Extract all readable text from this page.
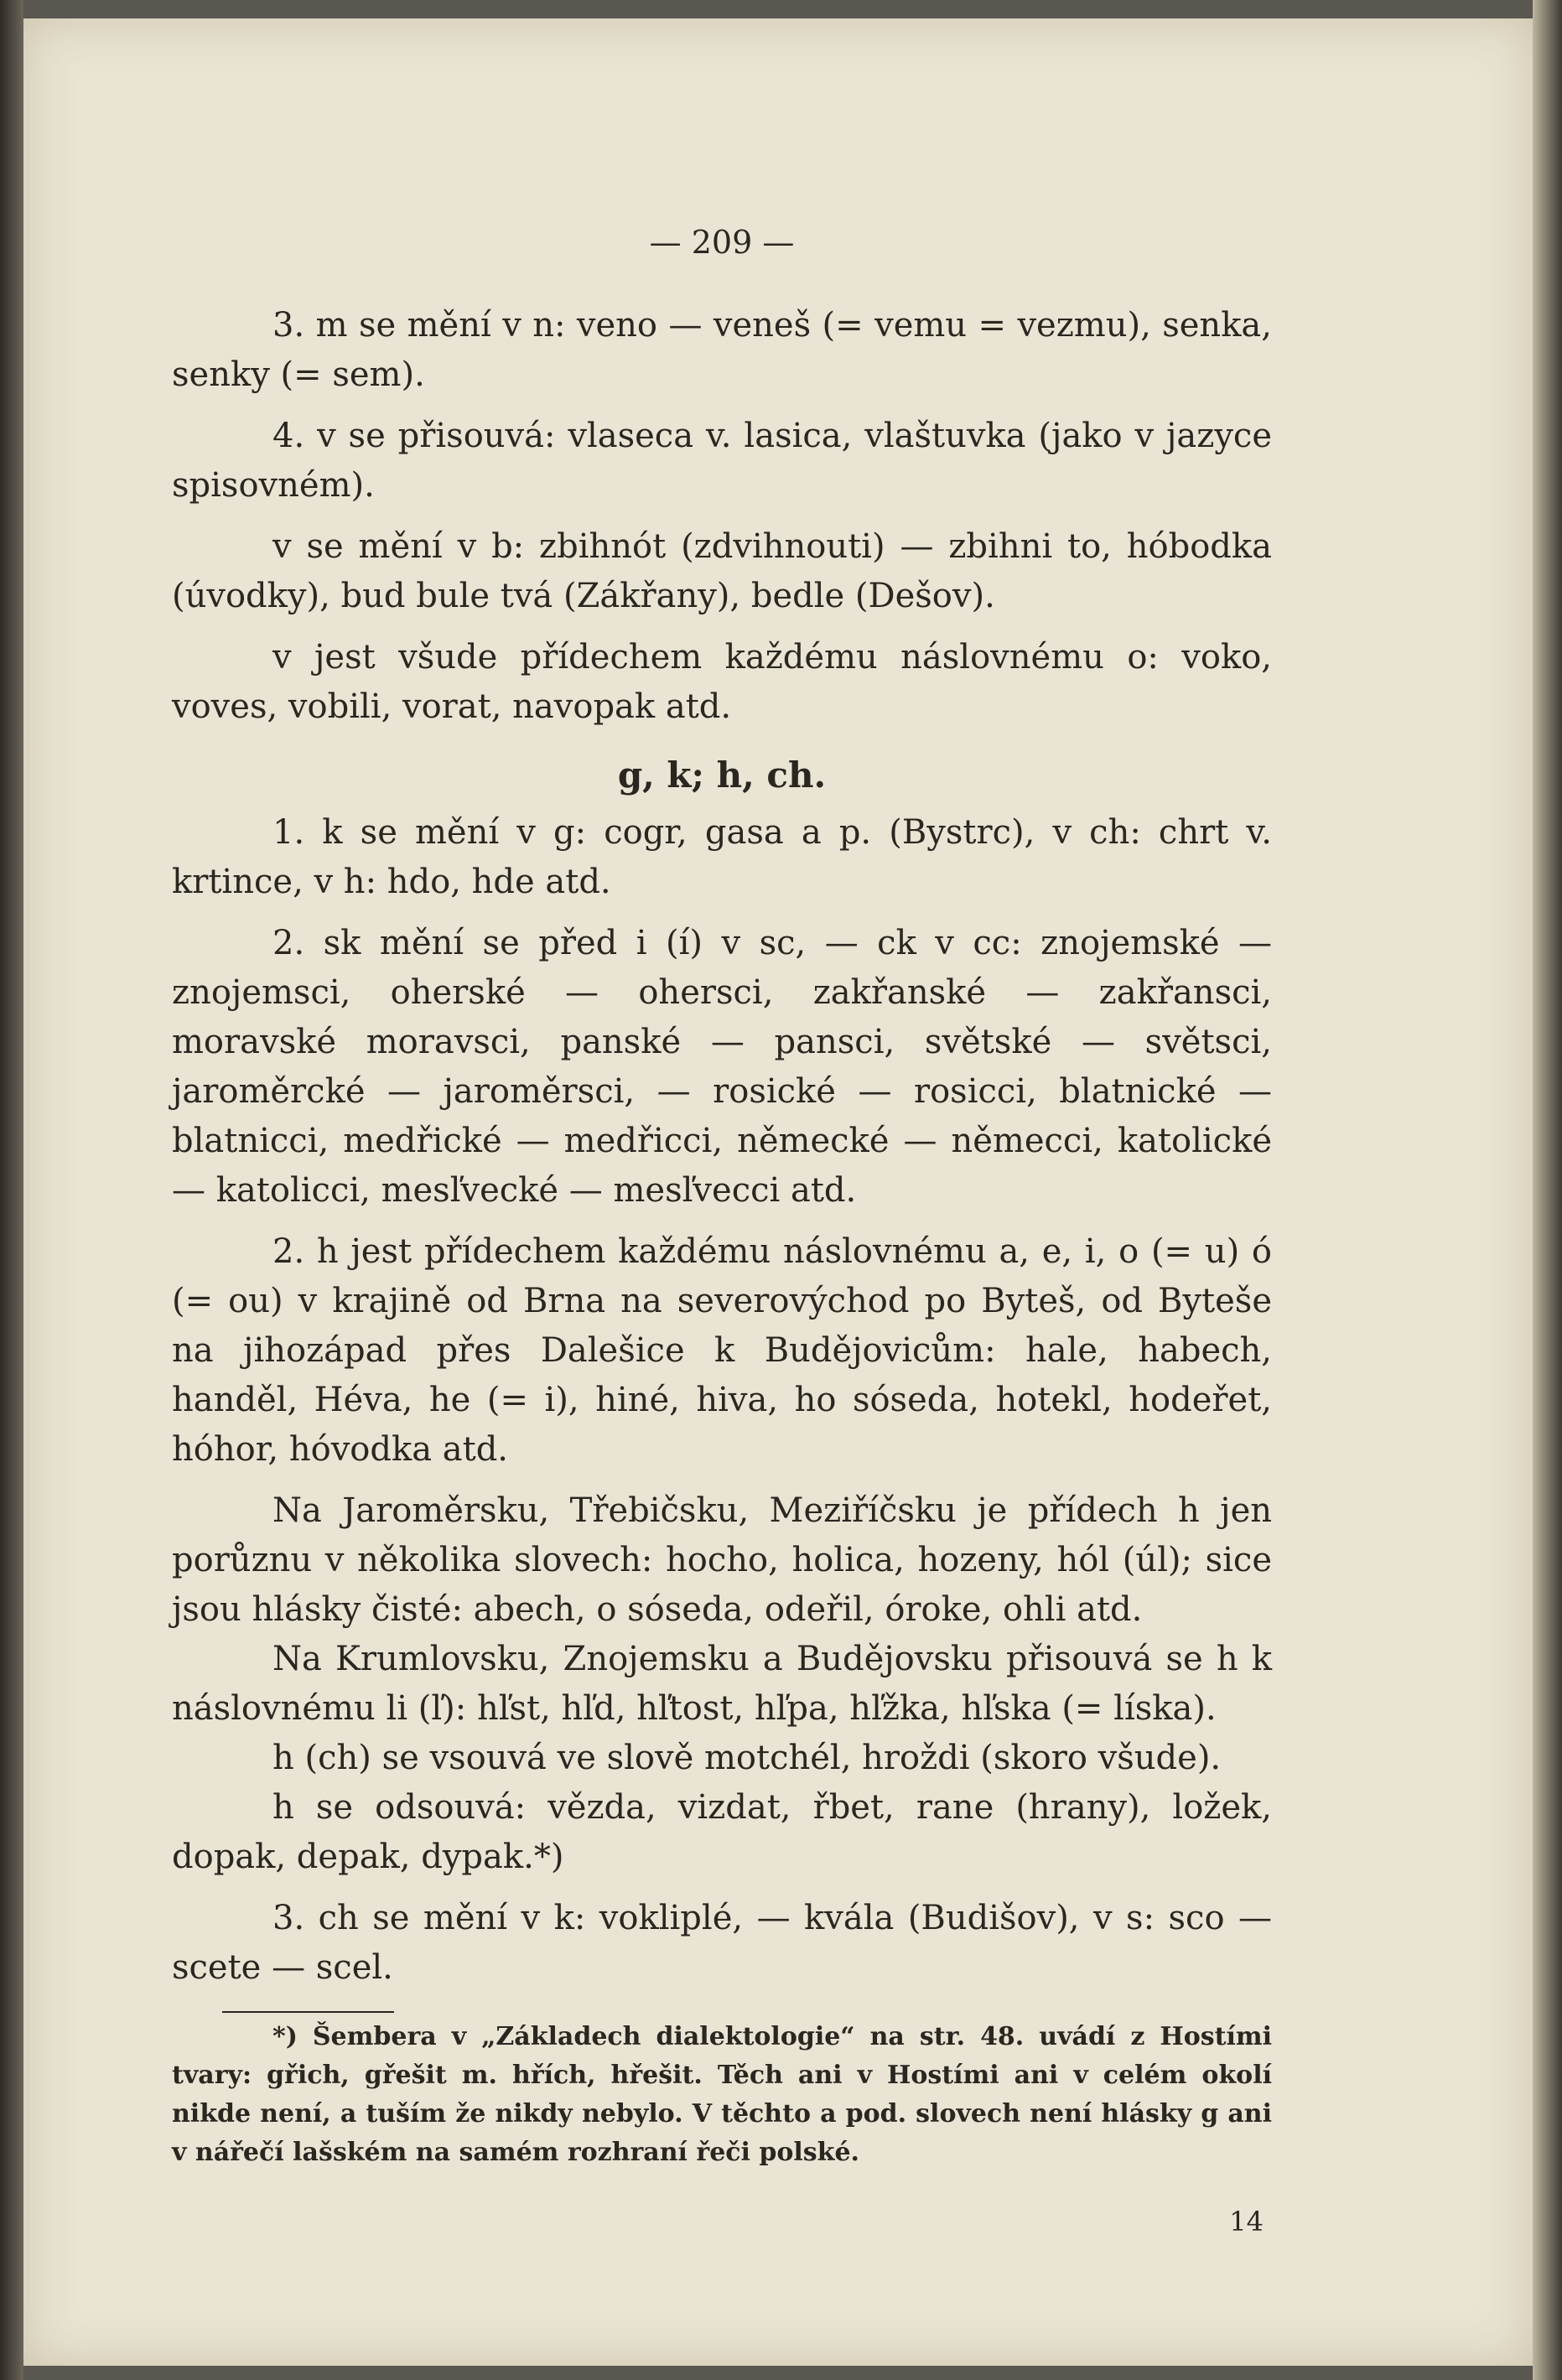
— 209 —

3. m se mění v n: veno — veneš (= vemu = vezmu), senka, senky (= sem).

4. v se přisouvá: vlaseca v. lasica, vlaštuvka (jako v jazyce spisovném).

v se mění v b: zbihnót (zdvihnouti) — zbihni to, hóbodka (úvodky), bud bule tvá (Zákřany), bedle (Dešov).

v jest všude přídechem každému náslovnému o: voko, voves, vobili, vorat, navopak atd.

g, k; h, ch.

1. k se mění v g: cogr, gasa a p. (Bystrc), v ch: chrt v. krtince, v h: hdo, hde atd.

2. sk mění se před i (í) v sc, — ck v cc: znojemské — znojemsci, oherské — ohersci, zakřanské — zakřansci, moravské moravsci, panské — pansci, světské — světsci, jaroměrcké — jaroměrsci, — rosické — rosicci, blatnické — blatnicci, medřické — medřicci, německé — němecci, katolické — katolicci, mesľvecké — mesľvecci atd.

2. h jest přídechem každému náslovnému a, e, i, o (= u) ó (= ou) v krajině od Brna na severovýchod po Byteš, od Byteše na jihozápad přes Dalešice k Budějovicům: hale, habech, handěl, Héva, he (= i), hiné, hiva, ho sóseda, hotekl, hodeřet, hóhor, hóvodka atd.

Na Jaroměrsku, Třebičsku, Meziříčsku je přídech h jen porůznu v několika slovech: hocho, holica, hozeny, hól (úl); sice jsou hlásky čisté: abech, o sóseda, odeřil, óroke, ohli atd.

Na Krumlovsku, Znojemsku a Budějovsku přisouvá se h k náslovnému li (ľ): hľst, hľd, hľtost, hľpa, hľžka, hľska (= líska).

h (ch) se vsouvá ve slově motchél, hroždi (skoro všude).

h se odsouvá: vězda, vizdat, řbet, rane (hrany), ložek, dopak, depak, dypak.*)

3. ch se mění v k: vokliplé, — kvála (Budišov), v s: sco — scete — scel.

*) Šembera v „Základech dialektologie“ na str. 48. uvádí z Hostími tvary: gřich, gřešit m. hřích, hřešit. Těch ani v Hostími ani v celém okolí nikde není, a tuším že nikdy nebylo. V těchto a pod. slovech není hlásky g ani v nářečí lašském na samém rozhraní řeči polské.

14
